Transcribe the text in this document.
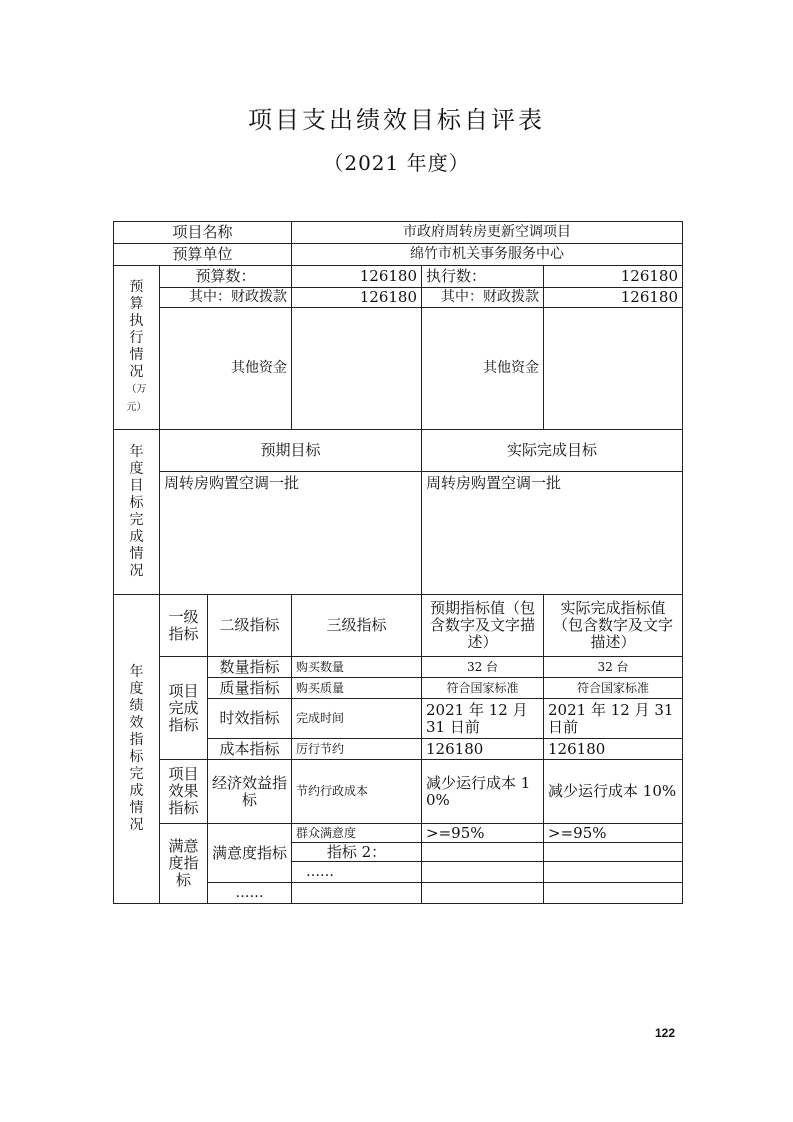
项目支出绩效目标自评表
（2021 年度）
项目名称			市政府周转房更新空调项目		
预算单位			绵竹市机关事务服务中心		

预算执行情况
（万元）	预算数：		126180	执行数：	126180
	其中：财政拨款		126180	其中：财政拨款	126180
	其他资金			其他资金	

年度目标完成情况	预期目标			实际完成目标	
	周转房购置空调一批			周转房购置空调一批	

年度绩效指标完成情况	一级指标	二级指标	三级指标	预期指标值（包含数字及文字描述）	实际完成指标值（包含数字及文字描述）
	项目完成指标	数量指标	购买数量	32 台	32 台
		质量指标	购买质量	符合国家标准	符合国家标准
		时效指标	完成时间	2021 年 12 月 31 日前	2021 年 12 月 31 日前
		成本指标	厉行节约	126180	126180
	项目效果指标	经济效益指标	节约行政成本	减少运行成本 10%	减少运行成本 10%
	满意度指标	满意度指标	群众满意度	>=95%	>=95%
			指标 2：		
			……		
		……			
122
